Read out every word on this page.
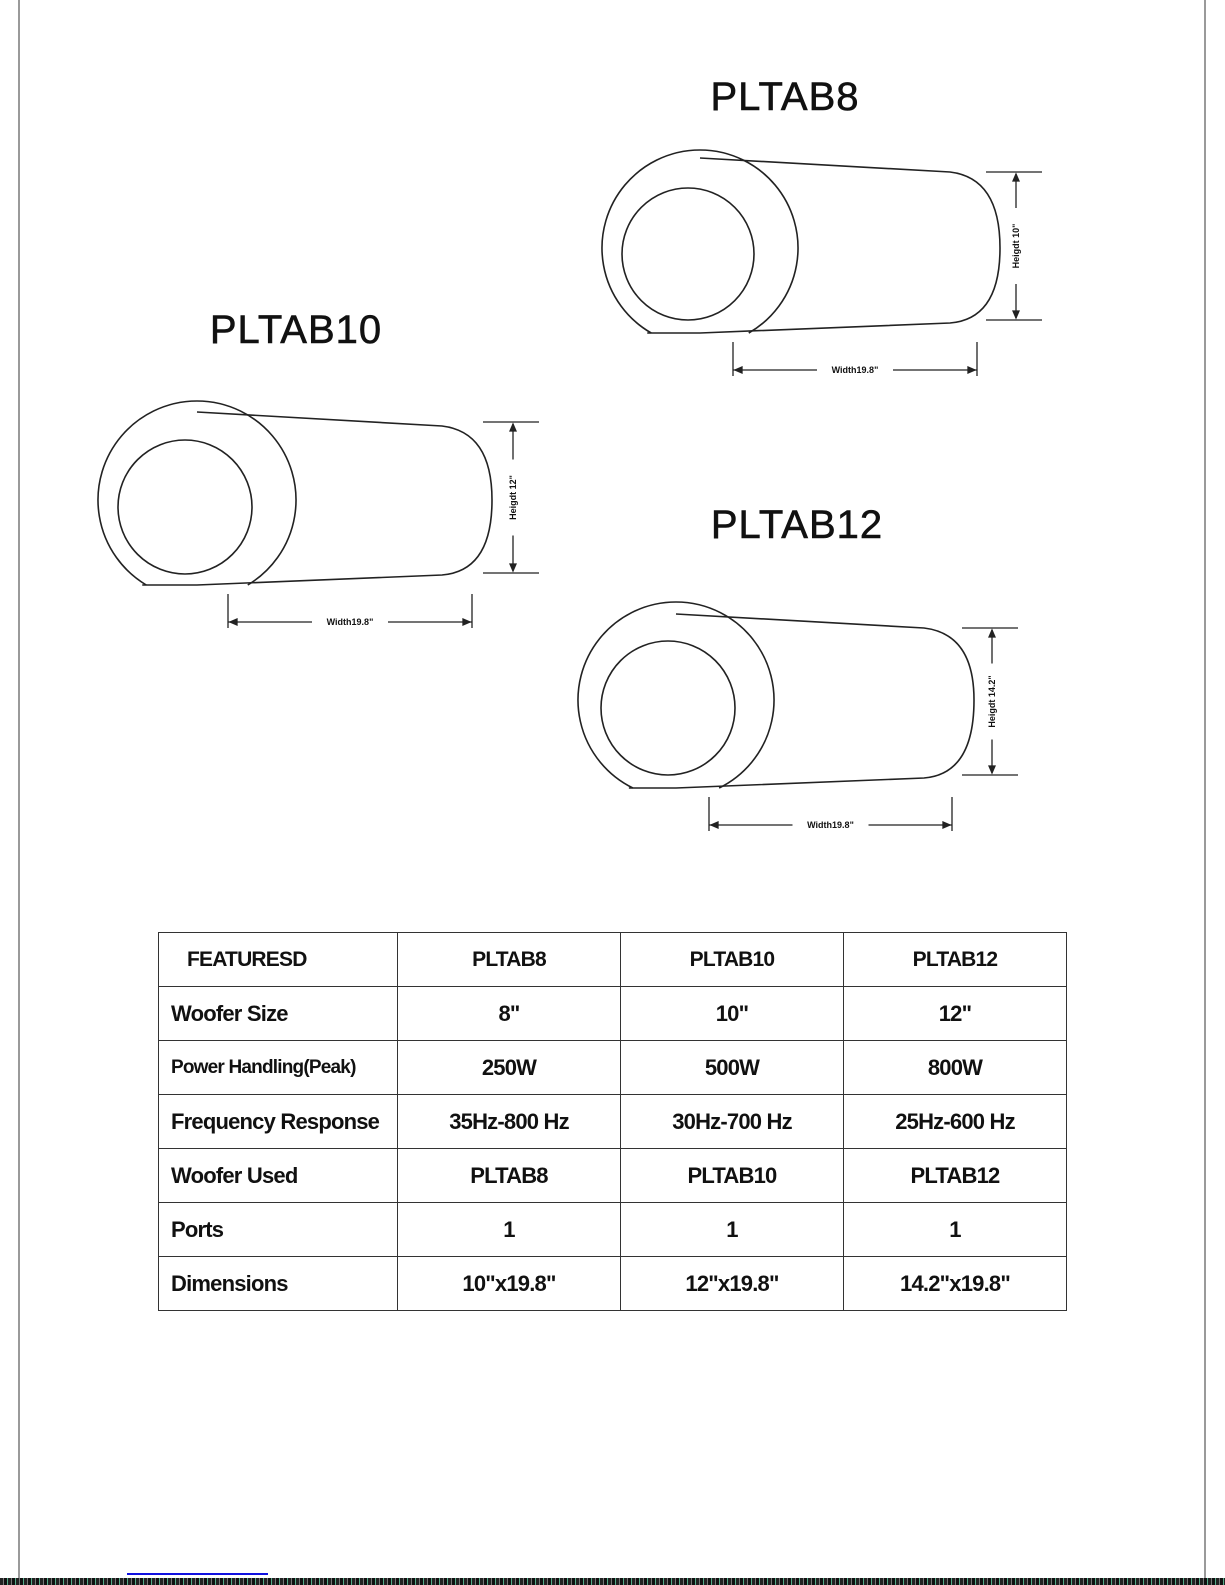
PLTAB8
PLTAB10
PLTAB12
Heigdt 10"
Width19.8"
Heigdt 12"
Width19.8"
Heigdt 14.2"
Width19.8"
FEATURESD	PLTAB8	PLTAB10	PLTAB12
Woofer Size	8"	10"	12"
Power Handling(Peak)	250W	500W	800W
Frequency Response	35Hz-800 Hz	30Hz-700 Hz	25Hz-600 Hz
Woofer Used	PLTAB8	PLTAB10	PLTAB12
Ports	1	1	1
Dimensions	10"x19.8"	12"x19.8"	14.2"x19.8"
